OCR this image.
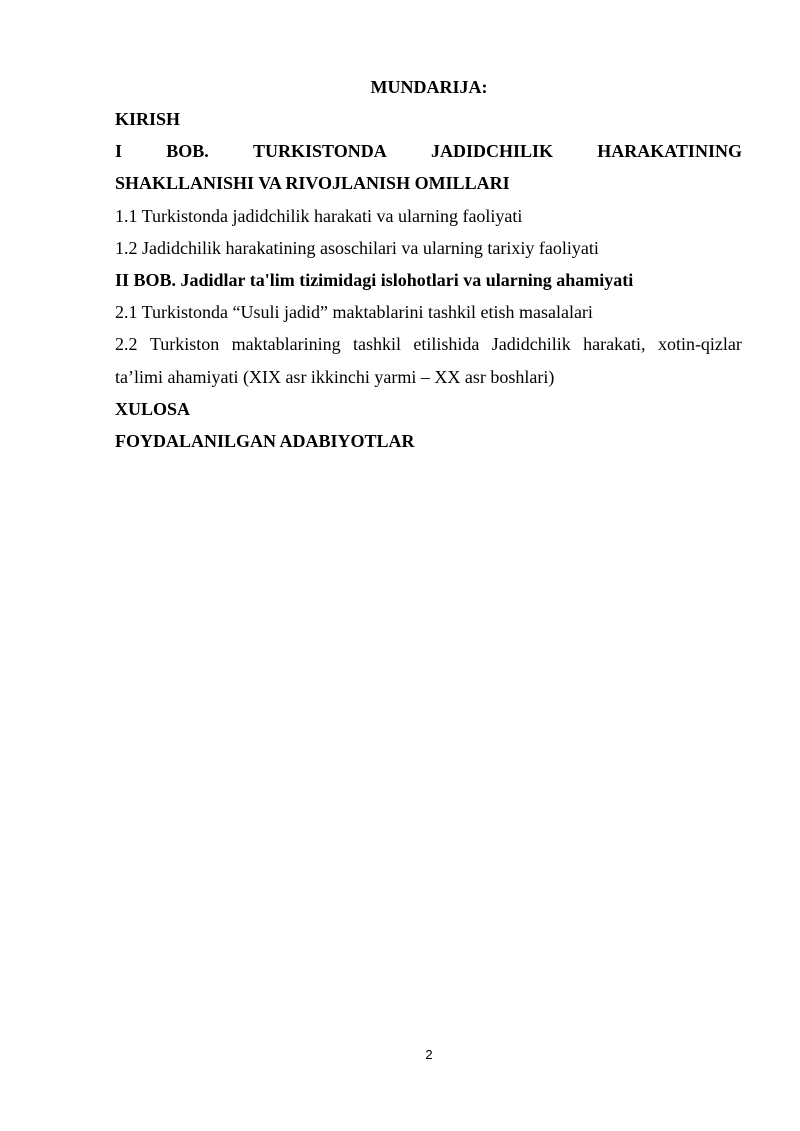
MUNDARIJA:
KIRISH
I BOB. TURKISTONDA JADIDCHILIK HARAKATINING
SHAKLLANISHI VA RIVOJLANISH OMILLARI
1.1 Turkistonda jadidchilik harakati va ularning faoliyati
1.2 Jadidchilik harakatining asoschilari va ularning tarixiy faoliyati
II BOB. Jadidlar ta'lim tizimidagi islohotlari va ularning ahamiyati
2.1 Turkistonda “Usuli jadid” maktablarini tashkil etish masalalari
2.2 Turkiston maktablarining tashkil etilishida Jadidchilik harakati, xotin-qizlar
ta’limi ahamiyati (XIX asr ikkinchi yarmi – XX asr boshlari)
XULOSA
FOYDALANILGAN ADABIYOTLAR
2
